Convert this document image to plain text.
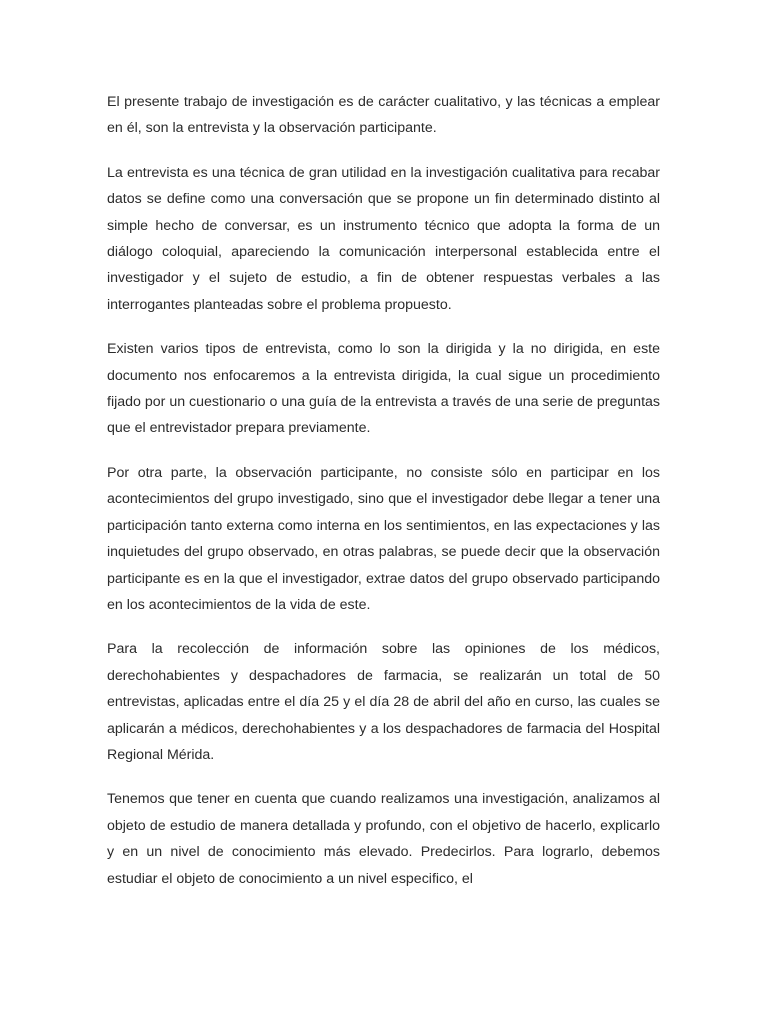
El presente trabajo de investigación es de carácter cualitativo, y las técnicas a emplear en él, son la entrevista y la observación participante.

La entrevista es una técnica de gran utilidad en la investigación cualitativa para recabar datos se define como una conversación que se propone un fin determinado distinto al simple hecho de conversar, es un instrumento técnico que adopta la forma de un diálogo coloquial, apareciendo la comunicación interpersonal establecida entre el investigador y el sujeto de estudio, a fin de obtener respuestas verbales a las interrogantes planteadas sobre el problema propuesto.

Existen varios tipos de entrevista, como lo son la dirigida y la no dirigida, en este documento nos enfocaremos a la entrevista dirigida, la cual sigue un procedimiento fijado por un cuestionario o una guía de la entrevista a través de una serie de preguntas que el entrevistador prepara previamente.

Por otra parte, la observación participante, no consiste sólo en participar en los acontecimientos del grupo investigado, sino que el investigador debe llegar a tener una participación tanto externa como interna en los sentimientos, en las expectaciones y las inquietudes del grupo observado, en otras palabras, se puede decir que la observación participante es en la que el investigador, extrae datos del grupo observado participando en los acontecimientos de la vida de este.

Para la recolección de información sobre las opiniones de los médicos, derechohabientes y despachadores de farmacia, se realizarán un total de 50 entrevistas, aplicadas entre el día 25 y el día 28 de abril del año en curso, las cuales se aplicarán a médicos, derechohabientes y a los despachadores de farmacia del Hospital Regional Mérida.

Tenemos que tener en cuenta que cuando realizamos una investigación, analizamos al objeto de estudio de manera detallada y profundo, con el objetivo de hacerlo, explicarlo y en un nivel de conocimiento más elevado. Predecirlos. Para lograrlo, debemos estudiar el objeto de conocimiento a un nivel especifico, el
